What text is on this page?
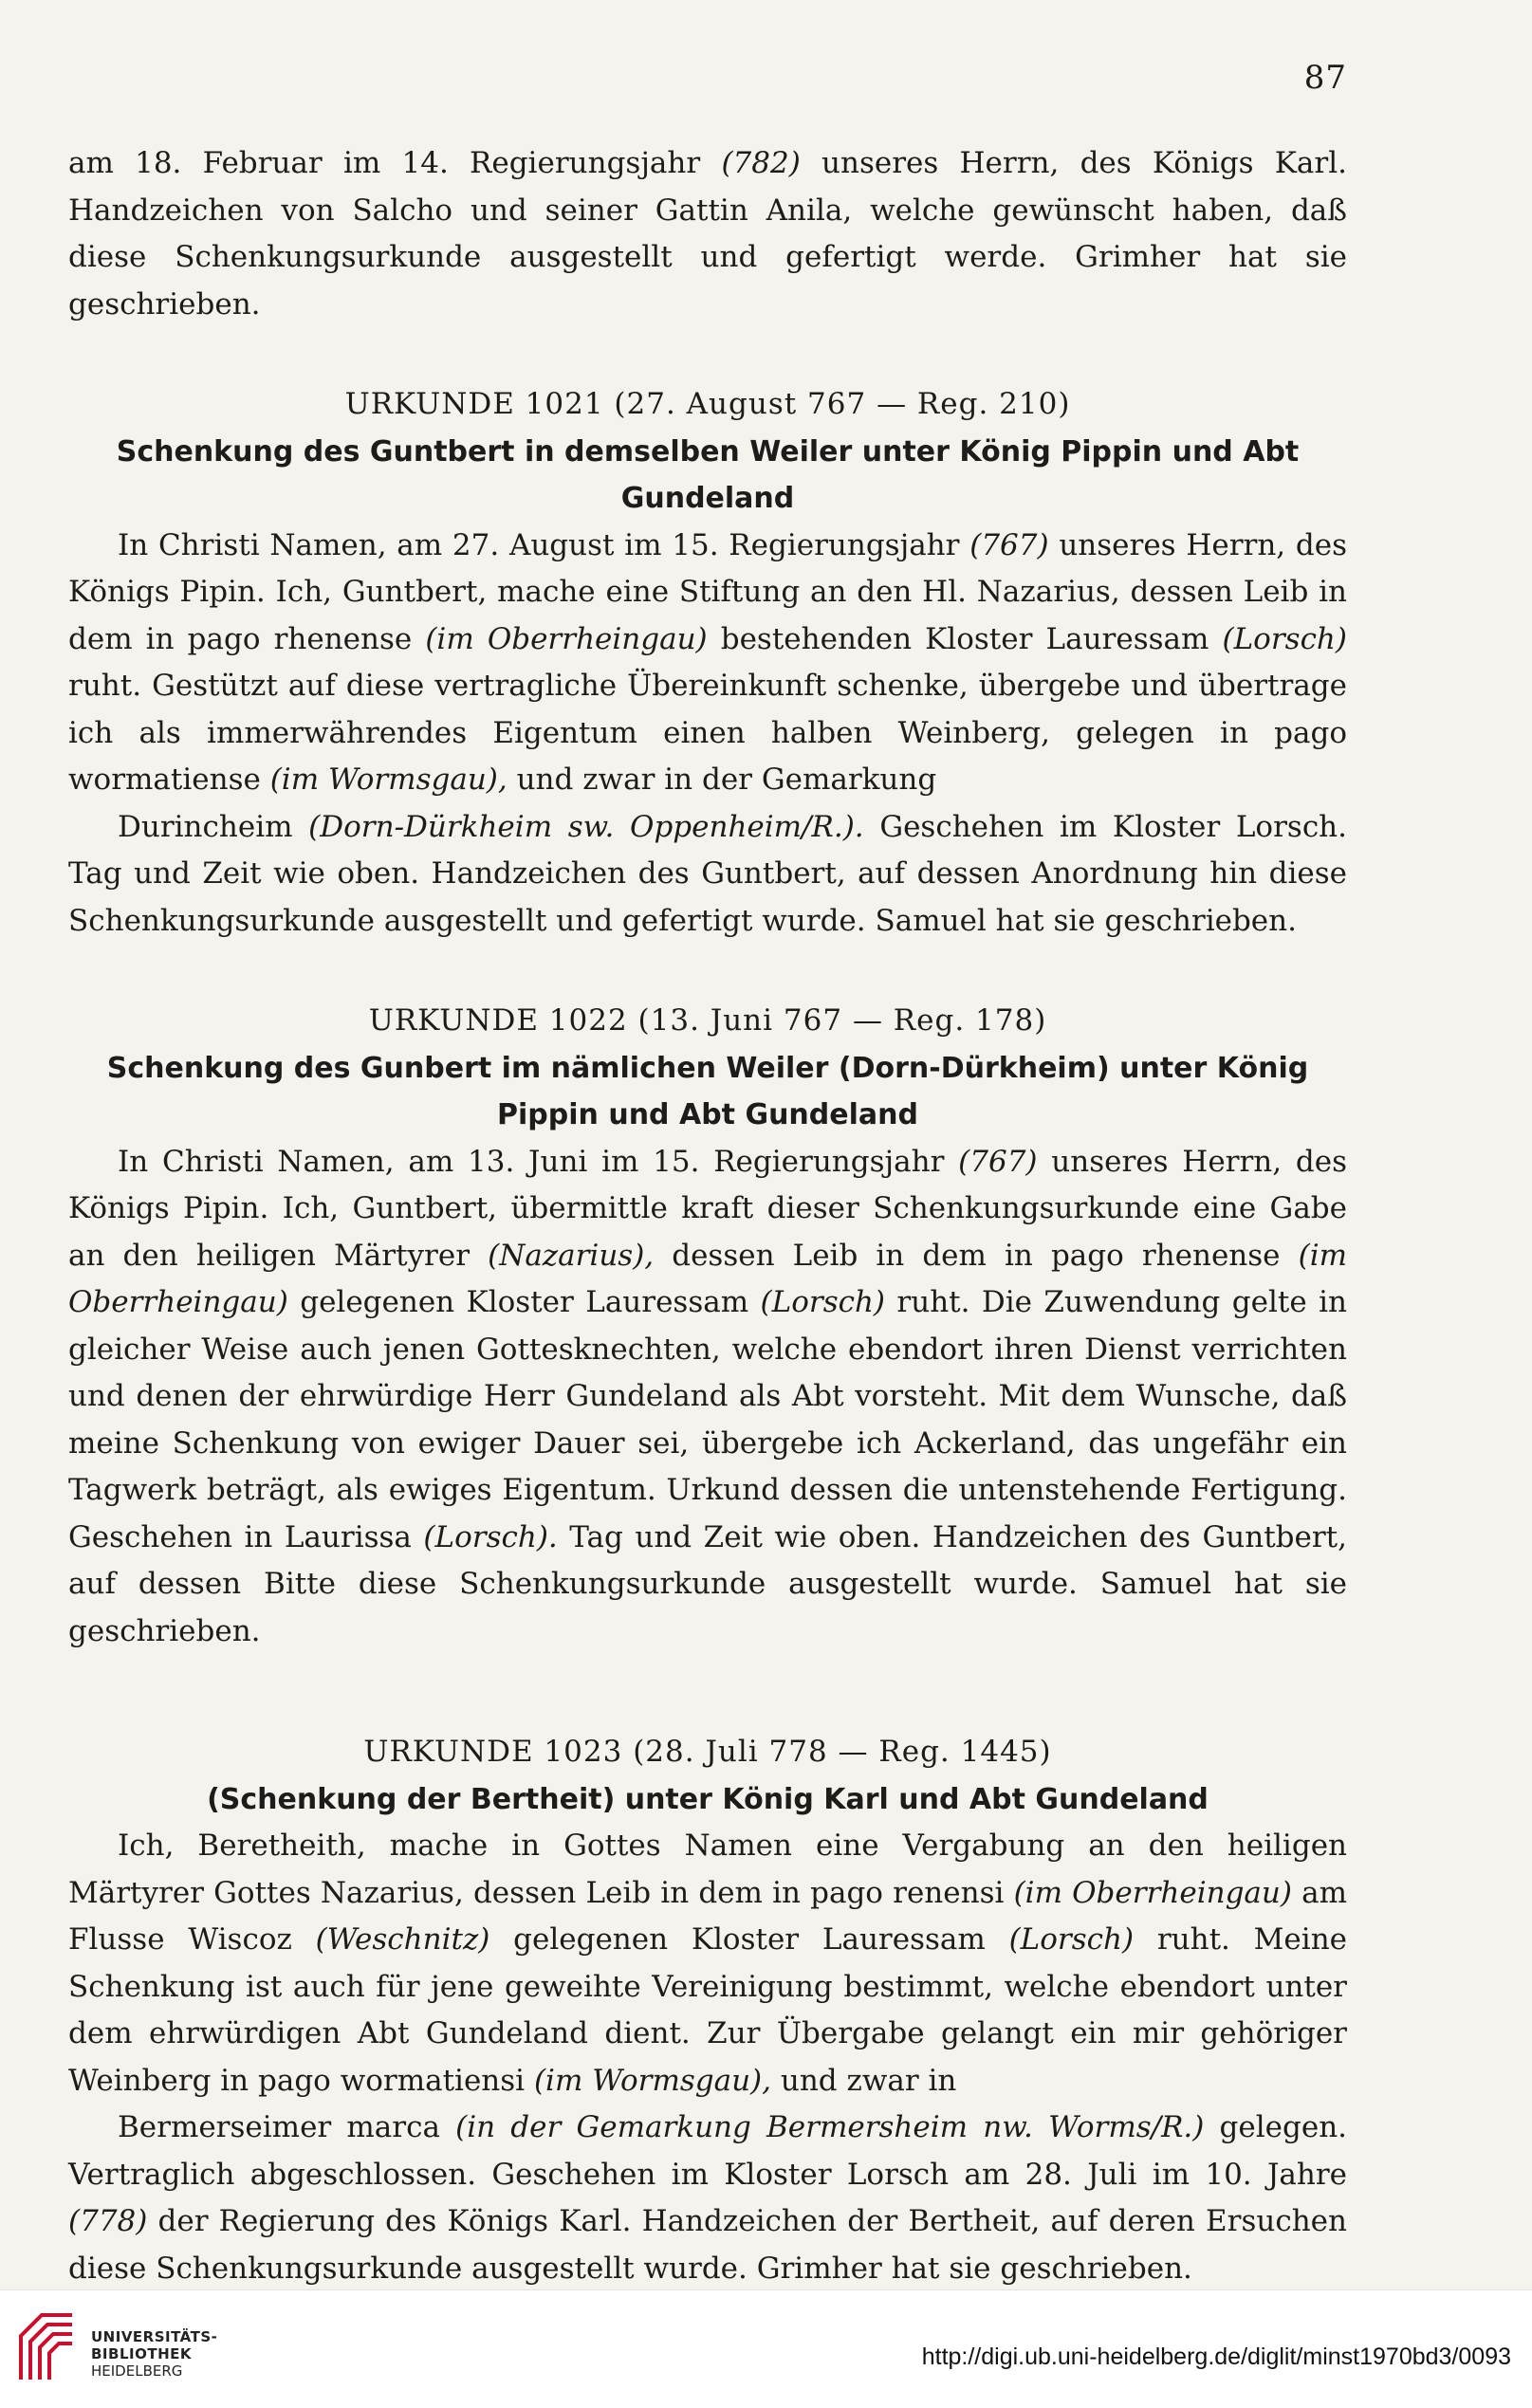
87

am 18. Februar im 14. Regierungsjahr (782) unseres Herrn, des Königs Karl. Handzeichen von Salcho und seiner Gattin Anila, welche gewünscht haben, daß diese Schenkungsurkunde ausgestellt und gefertigt werde. Grimher hat sie geschrieben.

URKUNDE 1021 (27. August 767 — Reg. 210)
Schenkung des Guntbert in demselben Weiler unter König Pippin und Abt Gundeland

In Christi Namen, am 27. August im 15. Regierungsjahr (767) unseres Herrn, des Königs Pipin. Ich, Guntbert, mache eine Stiftung an den Hl. Nazarius, dessen Leib in dem in pago rhenense (im Oberrheingau) bestehenden Kloster Lauressam (Lorsch) ruht. Gestützt auf diese vertragliche Übereinkunft schenke, übergebe und übertrage ich als immerwährendes Eigentum einen halben Weinberg, gelegen in pago wormatiense (im Wormsgau), und zwar in der Gemarkung

Durincheim (Dorn-Dürkheim sw. Oppenheim/R.). Geschehen im Kloster Lorsch. Tag und Zeit wie oben. Handzeichen des Guntbert, auf dessen Anordnung hin diese Schenkungsurkunde ausgestellt und gefertigt wurde. Samuel hat sie geschrieben.

URKUNDE 1022 (13. Juni 767 — Reg. 178)
Schenkung des Gunbert im nämlichen Weiler (Dorn-Dürkheim) unter König Pippin und Abt Gundeland

In Christi Namen, am 13. Juni im 15. Regierungsjahr (767) unseres Herrn, des Königs Pipin. Ich, Guntbert, übermittle kraft dieser Schenkungsurkunde eine Gabe an den heiligen Märtyrer (Nazarius), dessen Leib in dem in pago rhenense (im Oberrheingau) gelegenen Kloster Lauressam (Lorsch) ruht. Die Zuwendung gelte in gleicher Weise auch jenen Gottesknechten, welche ebendort ihren Dienst verrichten und denen der ehrwürdige Herr Gundeland als Abt vorsteht. Mit dem Wunsche, daß meine Schenkung von ewiger Dauer sei, übergebe ich Ackerland, das ungefähr ein Tagwerk beträgt, als ewiges Eigentum. Urkund dessen die untenstehende Fertigung. Geschehen in Laurissa (Lorsch). Tag und Zeit wie oben. Handzeichen des Guntbert, auf dessen Bitte diese Schenkungsurkunde ausgestellt wurde. Samuel hat sie geschrieben.

URKUNDE 1023 (28. Juli 778 — Reg. 1445)
(Schenkung der Bertheit) unter König Karl und Abt Gundeland

Ich, Beretheith, mache in Gottes Namen eine Vergabung an den heiligen Märtyrer Gottes Nazarius, dessen Leib in dem in pago renensi (im Oberrheingau) am Flusse Wiscoz (Weschnitz) gelegenen Kloster Lauressam (Lorsch) ruht. Meine Schenkung ist auch für jene geweihte Vereinigung bestimmt, welche ebendort unter dem ehrwürdigen Abt Gundeland dient. Zur Übergabe gelangt ein mir gehöriger Weinberg in pago wormatiensi (im Wormsgau), und zwar in

Bermerseimer marca (in der Gemarkung Bermersheim nw. Worms/R.) gelegen. Vertraglich abgeschlossen. Geschehen im Kloster Lorsch am 28. Juli im 10. Jahre (778) der Regierung des Königs Karl. Handzeichen der Bertheit, auf deren Ersuchen diese Schenkungsurkunde ausgestellt wurde. Grimher hat sie geschrieben.

UNIVERSITÄTS-
BIBLIOTHEK
HEIDELBERG
http://digi.ub.uni-heidelberg.de/diglit/minst1970bd3/0093
